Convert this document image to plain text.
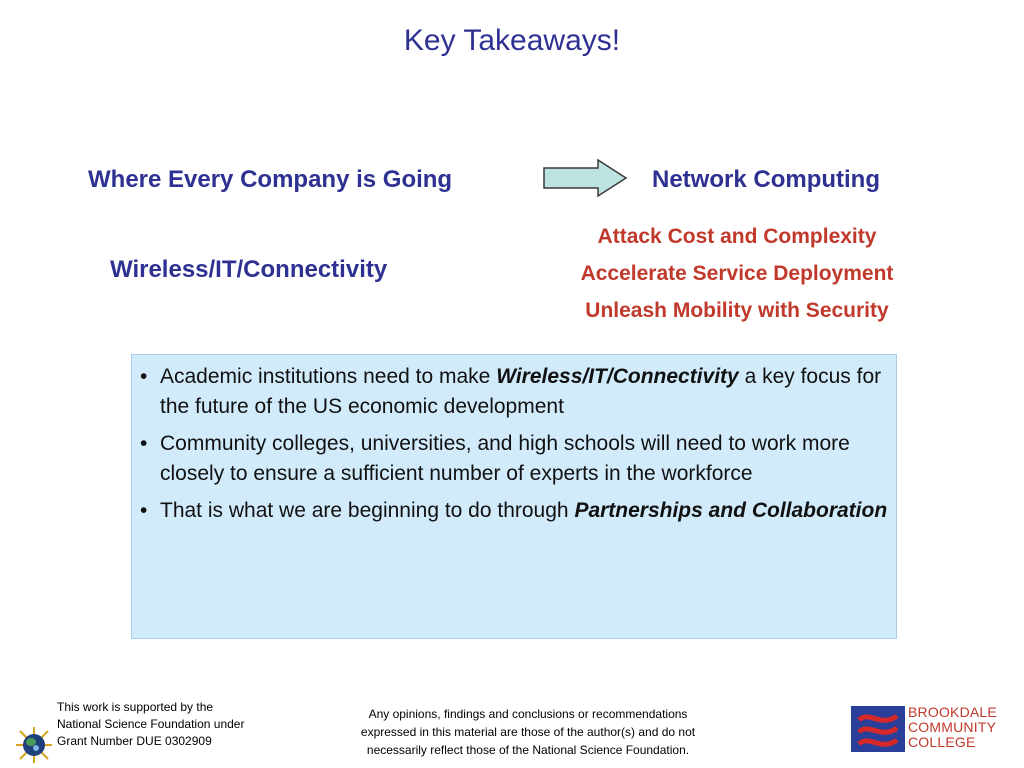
Key Takeaways!
Where Every Company is Going	Network Computing
Wireless/IT/Connectivity
Attack Cost and Complexity
Accelerate Service Deployment
Unleash Mobility with Security
• Academic institutions need to make Wireless/IT/Connectivity a key focus for the future of the US economic development
• Community colleges, universities, and high schools will need to work more closely to ensure a sufficient number of experts in the workforce
• That is what we are beginning to do through Partnerships and Collaboration
This work is supported by the
National Science Foundation under
Grant Number DUE 0302909
Any opinions, findings and conclusions or recommendations
expressed in this material are those of the author(s) and do not
necessarily reflect those of the National Science Foundation.
BROOKDALE
COMMUNITY
COLLEGE
